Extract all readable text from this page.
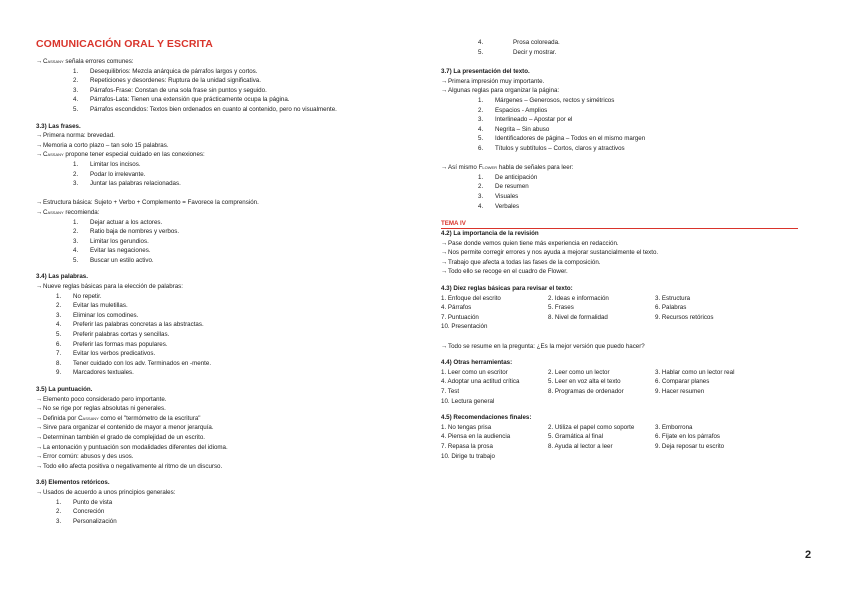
COMUNICACIÓN ORAL Y ESCRITA
→Cassany señala errores comunes:
1.	Desequilibrios: Mezcla anárquica de párrafos largos y cortos.
2.	Repeticiones y desordenes: Ruptura de la unidad significativa.
3.	Párrafos-Frase: Constan de una sola frase sin puntos y seguido.
4.	Párrafos-Lata: Tienen una extensión que prácticamente ocupa la página.
5.	Párrafos escondidos: Textos bien ordenados en cuanto al contenido, pero no visualmente.
3.3) Las frases.
→Primera norma: brevedad.
→Memoria a corto plazo – tan solo 15 palabras.
→Cassany propone tener especial cuidado en las conexiones:
1.	Limitar los incisos.
2.	Podar lo irrelevante.
3.	Juntar las palabras relacionadas.
→Estructura básica: Sujeto + Verbo + Complemento = Favorece la comprensión.
→Cassany recomienda:
1.	Dejar actuar a los actores.
2.	Ratio baja de nombres y verbos.
3.	Limitar los gerundios.
4.	Evitar las negaciones.
5.	Buscar un estilo activo.
3.4) Las palabras.
→Nueve reglas básicas para la elección de palabras:
1.	No repetir.
2.	Evitar las muletillas.
3.	Eliminar los comodines.
4.	Preferir las palabras concretas a las abstractas.
5.	Preferir palabras cortas y sencillas.
6.	Preferir las formas mas populares.
7.	Evitar los verbos predicativos.
8.	Tener cuidado con los adv. Terminados en -mente.
9.	Marcadores textuales.
3.5) La puntuación.
→Elemento poco considerado pero importante.
→No se rige por reglas absolutas ni generales.
→Definida por Cassany como el "termómetro de la escritura"
→Sirve para organizar el contenido de mayor a menor jerarquía.
→Determinan también el grado de complejidad de un escrito.
→La entonación y puntuación son modalidades diferentes del idioma.
→Error común: abusos y des usos.
→Todo ello afecta positiva o negativamente al ritmo de un discurso.
3.6) Elementos retóricos.
→Usados de acuerdo a unos principios generales:
1.	Punto de vista
2.	Concreción
3.	Personalización
4.	Prosa coloreada.
5.	Decir y mostrar.
3.7) La presentación del texto.
→Primera impresión muy importante.
→Algunas reglas para organizar la página:
1.	Márgenes – Generosos, rectos y simétricos
2.	Espacios - Amplios
3.	Interlineado – Apostar por el
4.	Negrita – Sin abuso
5.	Identificadores de página – Todos en el mismo margen
6.	Títulos y subtítulos – Cortos, claros y atractivos
→Así mismo Flower habla de señales para leer:
1.	De anticipación
2.	De resumen
3.	Visuales
4.	Verbales
TEMA IV
4.2) La importancia de la revisión
→Pase donde vemos quien tiene más experiencia en redacción.
→Nos permite corregir errores y nos ayuda a mejorar sustancialmente el texto.
→Trabajo que afecta a todas las fases de la composición.
→Todo ello se recoge en el cuadro de Flower.
4.3) Diez reglas básicas para revisar el texto:
1. Enfoque del escrito	2. Ideas e información	3. Estructura
4. Párrafos	5. Frases	6. Palabras
7. Puntuación	8. Nivel de formalidad	9. Recursos retóricos
10. Presentación
→Todo se resume en la pregunta: ¿Es la mejor versión que puedo hacer?
4.4) Otras herramientas:
1. Leer como un escritor	2. Leer como un lector	3. Hablar como un lector real
4. Adoptar una actitud crítica	5. Leer en voz alta el texto	6. Comparar planes
7. Test	8. Programas de ordenador	9. Hacer resumen
10. Lectura general
4.5) Recomendaciones finales:
1. No tengas prisa	2. Utiliza el papel como soporte	3. Emborrona
4. Piensa en la audiencia	5. Gramática al final	6. Fíjate en los párrafos
7. Repasa la prosa	8. Ayuda al lector a leer	9. Deja reposar tu escrito
10. Dirige tu trabajo
2
